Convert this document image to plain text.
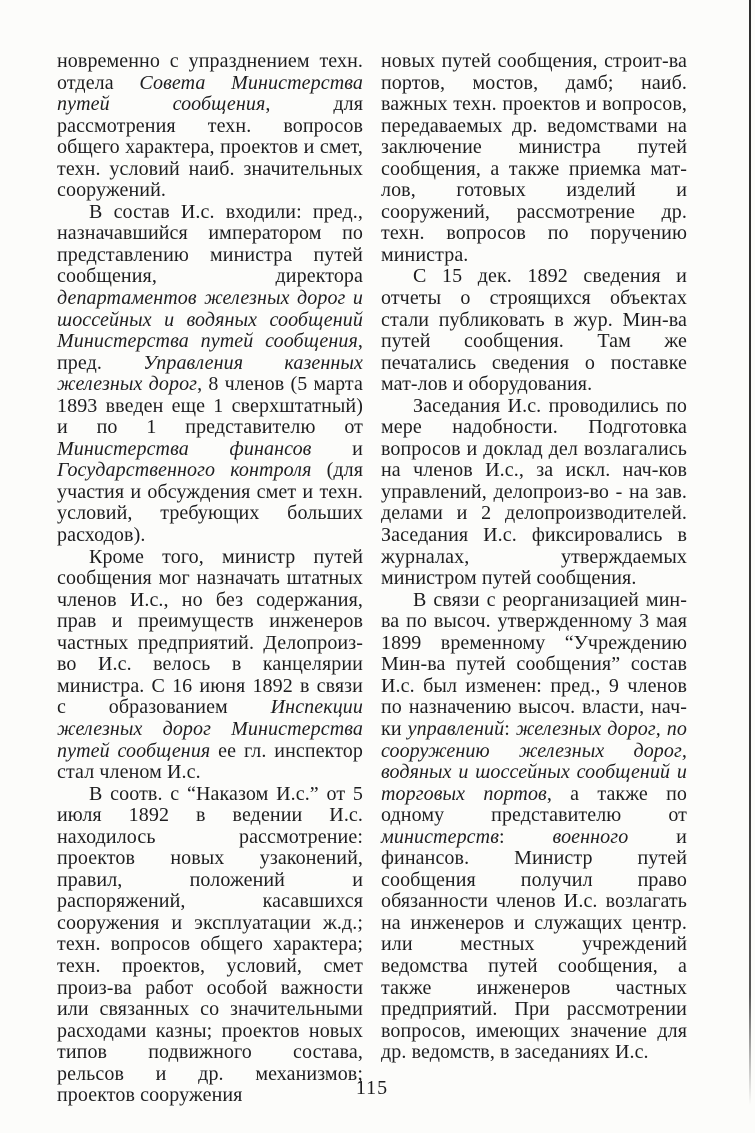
новременно с упразднением техн. отдела Совета Министерства путей сообщения, для рассмотрения техн. вопросов общего характера, проектов и смет, техн. условий наиб. значительных сооружений.

В состав И.с. входили: пред., назначавшийся императором по представлению министра путей сообщения, директора департаментов железных дорог и шоссейных и водяных сообщений Министерства путей сообщения, пред. Управления казенных железных дорог, 8 членов (5 марта 1893 введен еще 1 сверхштатный) и по 1 представителю от Министерства финансов и Государственного контроля (для участия и обсуждения смет и техн. условий, требующих больших расходов).

Кроме того, министр путей сообщения мог назначать штатных членов И.с., но без содержания, прав и преимуществ инженеров частных предприятий. Делопроиз-во И.с. велось в канцелярии министра. С 16 июня 1892 в связи с образованием Инспекции железных дорог Министерства путей сообщения ее гл. инспектор стал членом И.с.

В соотв. с “Наказом И.с.” от 5 июля 1892 в ведении И.с. находилось рассмотрение: проектов новых узаконений, правил, положений и распоряжений, касавшихся сооружения и эксплуатации ж.д.; техн. вопросов общего характера; техн. проектов, условий, смет произ-ва работ особой важности или связанных со значительными расходами казны; проектов новых типов подвижного состава, рельсов и др. механизмов; проектов сооружения

новых путей сообщения, строит-ва портов, мостов, дамб; наиб. важных техн. проектов и вопросов, передаваемых др. ведомствами на заключение министра путей сообщения, а также приемка мат-лов, готовых изделий и сооружений, рассмотрение др. техн. вопросов по поручению министра.

С 15 дек. 1892 сведения и отчеты о строящихся объектах стали публиковать в жур. Мин-ва путей сообщения. Там же печатались сведения о поставке мат-лов и оборудования.

Заседания И.с. проводились по мере надобности. Подготовка вопросов и доклад дел возлагались на членов И.с., за искл. нач-ков управлений, делопроиз-во - на зав. делами и 2 делопроизводителей. Заседания И.с. фиксировались в журналах, утверждаемых министром путей сообщения.

В связи с реорганизацией мин-ва по высоч. утвержденному 3 мая 1899 временному “Учреждению Мин-ва путей сообщения” состав И.с. был изменен: пред., 9 членов по назначению высоч. власти, нач-ки управлений: железных дорог, по сооружению железных дорог, водяных и шоссейных сообщений и торговых портов, а также по одному представителю от министерств: военного и финансов. Министр путей сообщения получил право обязанности членов И.с. возлагать на инженеров и служащих центр. или местных учреждений ведомства путей сообщения, а также инженеров частных предприятий. При рассмотрении вопросов, имеющих значение для др. ведомств, в заседаниях И.с.

115
